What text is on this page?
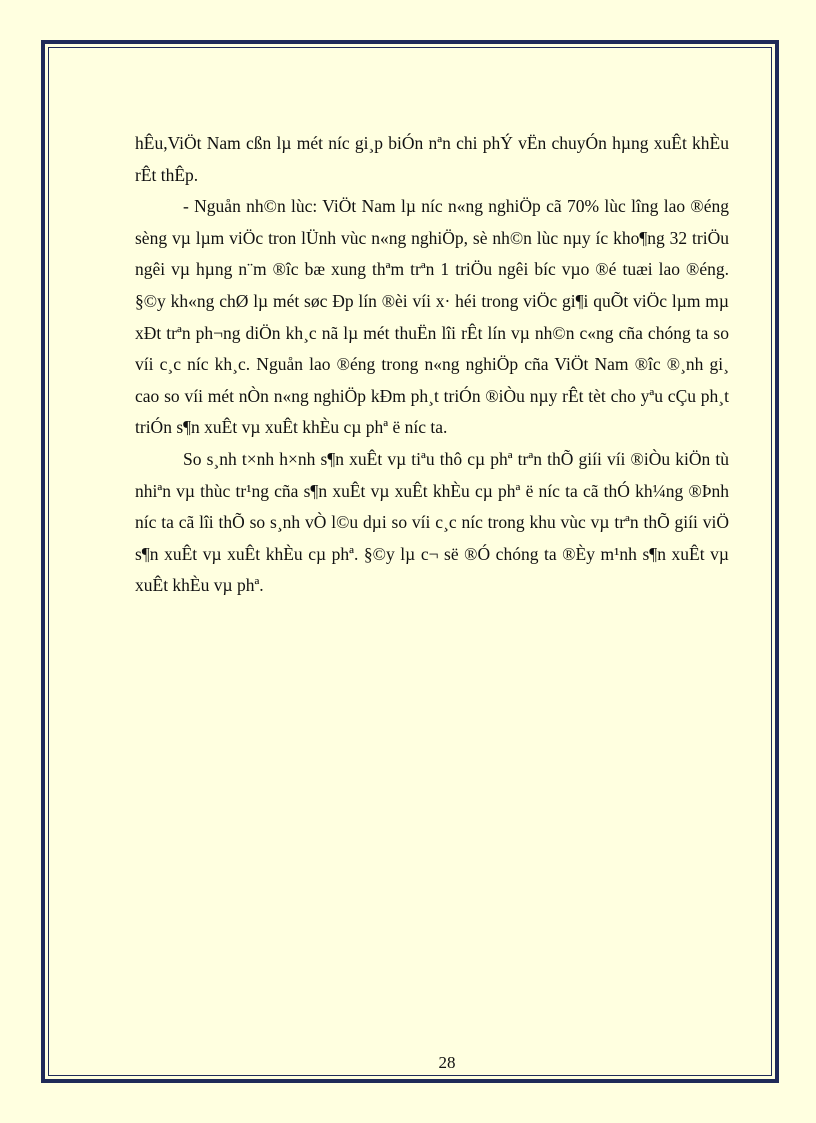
hÊu,ViÖt Nam cßn lµ mét níc gi¸p biÓn nªn chi phÝ vËn chuyÓn hµng xuÊt khÈu rÊt thÊp.

- Nguån nh©n lùc: ViÖt Nam lµ níc n«ng nghiÖp cã 70% lùc lîng lao ®éng sèng vµ lµm viÖc tron lÜnh vùc n«ng nghiÖp, sè nh©n lùc nµy íc kho¶ng 32 triÖu ngêi vµ hµng n¨m ®îc bæ xung thªm trªn 1 triÖu ngêi bíc vµo ®é tuæi lao ®éng. §©y kh«ng chØ lµ mét søc Ðp lín ®èi víi x· héi trong viÖc gi¶i quÕt viÖc lµm mµ xÐt trªn ph¬ng diÖn kh¸c nã lµ mét thuËn lîi rÊt lín vµ nh©n c«ng cña chóng ta so víi c¸c níc kh¸c. Nguån lao ®éng trong n«ng nghiÖp cña ViÖt Nam ®îc ®¸nh gi¸ cao so víi mét nÒn n«ng nghiÖp kÐm ph¸t triÓn ®iÒu nµy rÊt tèt cho yªu cÇu ph¸t triÓn s¶n xuÊt vµ xuÊt khÈu cµ phª ë níc ta.

So s¸nh t×nh h×nh s¶n xuÊt vµ tiªu thô cµ phª trªn thÕ giíi víi ®iÒu kiÖn tù nhiªn vµ thùc tr¹ng cña s¶n xuÊt vµ xuÊt khÈu cµ phª ë níc ta cã thÓ kh¼ng ®Þnh níc ta cã lîi thÕ so s¸nh vÒ l©u dµi so víi c¸c níc trong khu vùc vµ trªn thÕ giíi viÖ s¶n xuÊt vµ xuÊt khÈu cµ phª. §©y lµ c¬ së ®Ó chóng ta ®Èy m¹nh s¶n xuÊt vµ xuÊt khÈu vµ phª.

28
